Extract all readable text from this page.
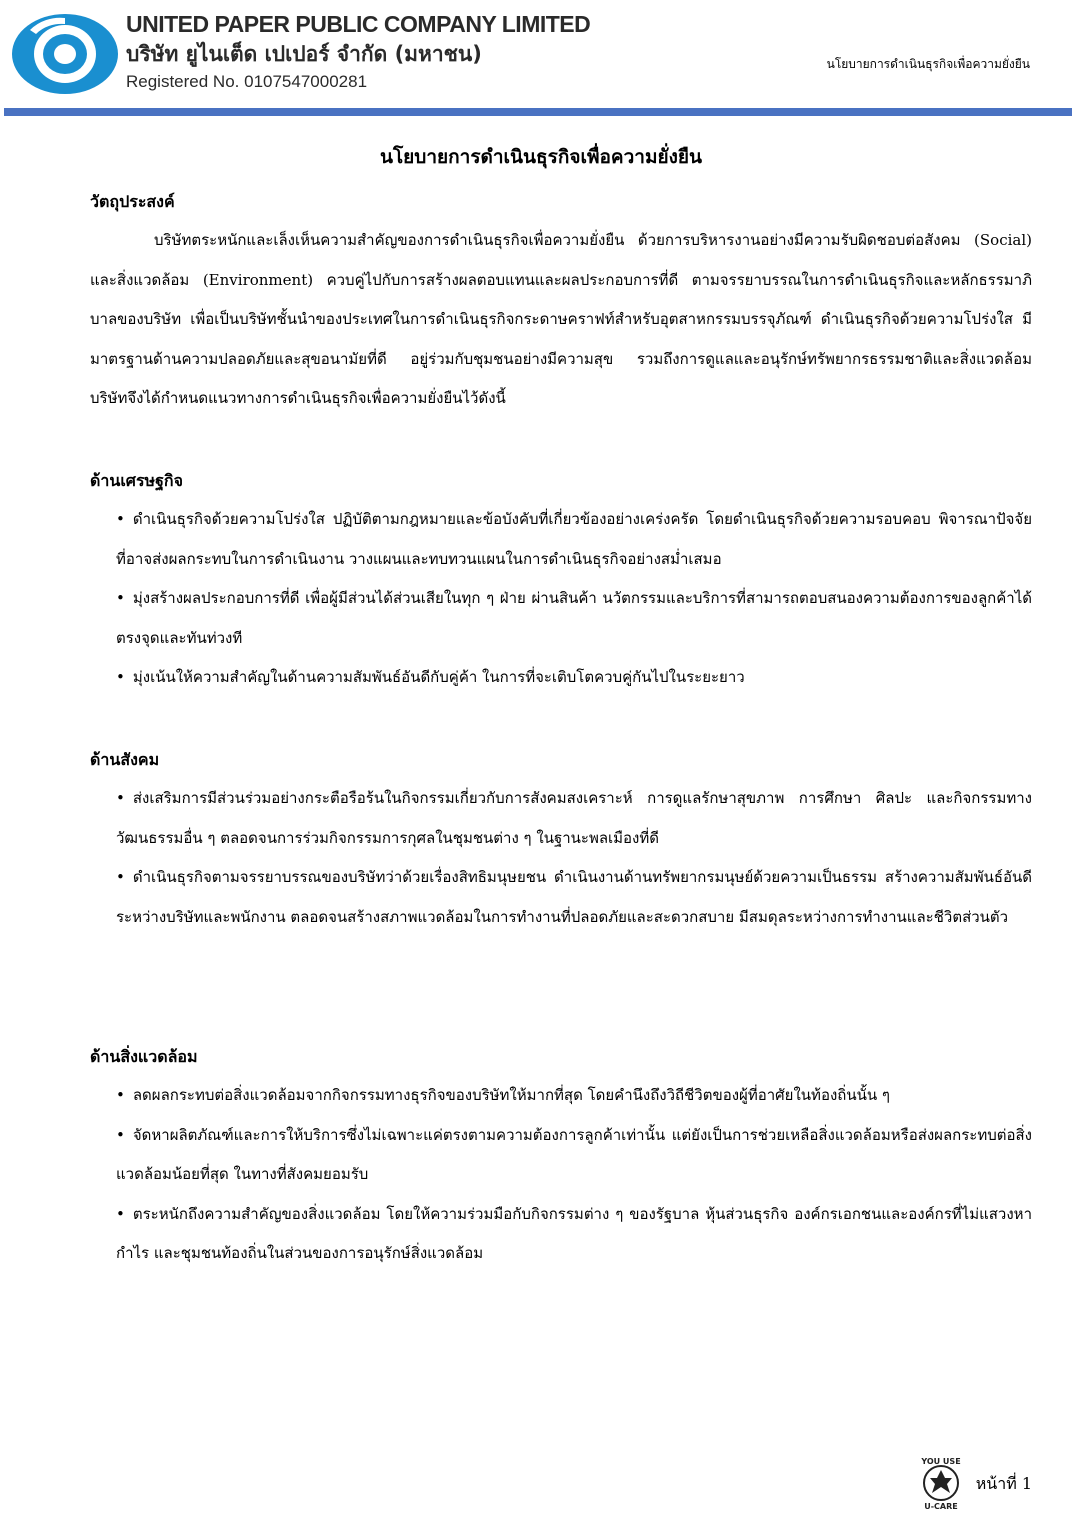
UNITED PAPER PUBLIC COMPANY LIMITED
บริษัท ยูไนเต็ด เปเปอร์ จำกัด (มหาชน)
Registered No. 0107547000281
นโยบายการดำเนินธุรกิจเพื่อความยั่งยืน
นโยบายการดำเนินธุรกิจเพื่อความยั่งยืน
วัตถุประสงค์
บริษัทตระหนักและเล็งเห็นความสำคัญของการดำเนินธุรกิจเพื่อความยั่งยืน ด้วยการบริหารงานอย่างมีความรับผิดชอบต่อสังคม (Social) และสิ่งแวดล้อม (Environment) ควบคู่ไปกับการสร้างผลตอบแทนและผลประกอบการที่ดี ตามจรรยาบรรณในการดำเนินธุรกิจและหลักธรรมาภิบาลของบริษัท เพื่อเป็นบริษัทชั้นนำของประเทศในการดำเนินธุรกิจกระดาษคราฟท์สำหรับอุตสาหกรรมบรรจุภัณฑ์ ดำเนินธุรกิจด้วยความโปร่งใส มีมาตรฐานด้านความปลอดภัยและสุขอนามัยที่ดี อยู่ร่วมกับชุมชนอย่างมีความสุข รวมถึงการดูแลและอนุรักษ์ทรัพยากรธรรมชาติและสิ่งแวดล้อม บริษัทจึงได้กำหนดแนวทางการดำเนินธุรกิจเพื่อความยั่งยืนไว้ดังนี้
ด้านเศรษฐกิจ
• ดำเนินธุรกิจด้วยความโปร่งใส ปฏิบัติตามกฎหมายและข้อบังคับที่เกี่ยวข้องอย่างเคร่งครัด โดยดำเนินธุรกิจด้วยความรอบคอบ พิจารณาปัจจัยที่อาจส่งผลกระทบในการดำเนินงาน วางแผนและทบทวนแผนในการดำเนินธุรกิจอย่างสม่ำเสมอ
• มุ่งสร้างผลประกอบการที่ดี เพื่อผู้มีส่วนได้ส่วนเสียในทุก ๆ ฝ่าย ผ่านสินค้า นวัตกรรมและบริการที่สามารถตอบสนองความต้องการของลูกค้าได้ตรงจุดและทันท่วงที
• มุ่งเน้นให้ความสำคัญในด้านความสัมพันธ์อันดีกับคู่ค้า ในการที่จะเติบโตควบคู่กันไปในระยะยาว
ด้านสังคม
• ส่งเสริมการมีส่วนร่วมอย่างกระตือรือร้นในกิจกรรมเกี่ยวกับการสังคมสงเคราะห์ การดูแลรักษาสุขภาพ การศึกษา ศิลปะ และกิจกรรมทางวัฒนธรรมอื่น ๆ ตลอดจนการร่วมกิจกรรมการกุศลในชุมชนต่าง ๆ ในฐานะพลเมืองที่ดี
• ดำเนินธุรกิจตามจรรยาบรรณของบริษัทว่าด้วยเรื่องสิทธิมนุษยชน ดำเนินงานด้านทรัพยากรมนุษย์ด้วยความเป็นธรรม สร้างความสัมพันธ์อันดีระหว่างบริษัทและพนักงาน ตลอดจนสร้างสภาพแวดล้อมในการทำงานที่ปลอดภัยและสะดวกสบาย มีสมดุลระหว่างการทำงานและชีวิตส่วนตัว
ด้านสิ่งแวดล้อม
• ลดผลกระทบต่อสิ่งแวดล้อมจากกิจกรรมทางธุรกิจของบริษัทให้มากที่สุด โดยคำนึงถึงวิถีชีวิตของผู้ที่อาศัยในท้องถิ่นนั้น ๆ
• จัดหาผลิตภัณฑ์และการให้บริการซึ่งไม่เฉพาะแค่ตรงตามความต้องการลูกค้าเท่านั้น แต่ยังเป็นการช่วยเหลือสิ่งแวดล้อมหรือส่งผลกระทบต่อสิ่งแวดล้อมน้อยที่สุด ในทางที่สังคมยอมรับ
• ตระหนักถึงความสำคัญของสิ่งแวดล้อม โดยให้ความร่วมมือกับกิจกรรมต่าง ๆ ของรัฐบาล หุ้นส่วนธุรกิจ องค์กรเอกชนและองค์กรที่ไม่แสวงหากำไร และชุมชนท้องถิ่นในส่วนของการอนุรักษ์สิ่งแวดล้อม
YOU USE
U-CARE
หน้าที่ 1
